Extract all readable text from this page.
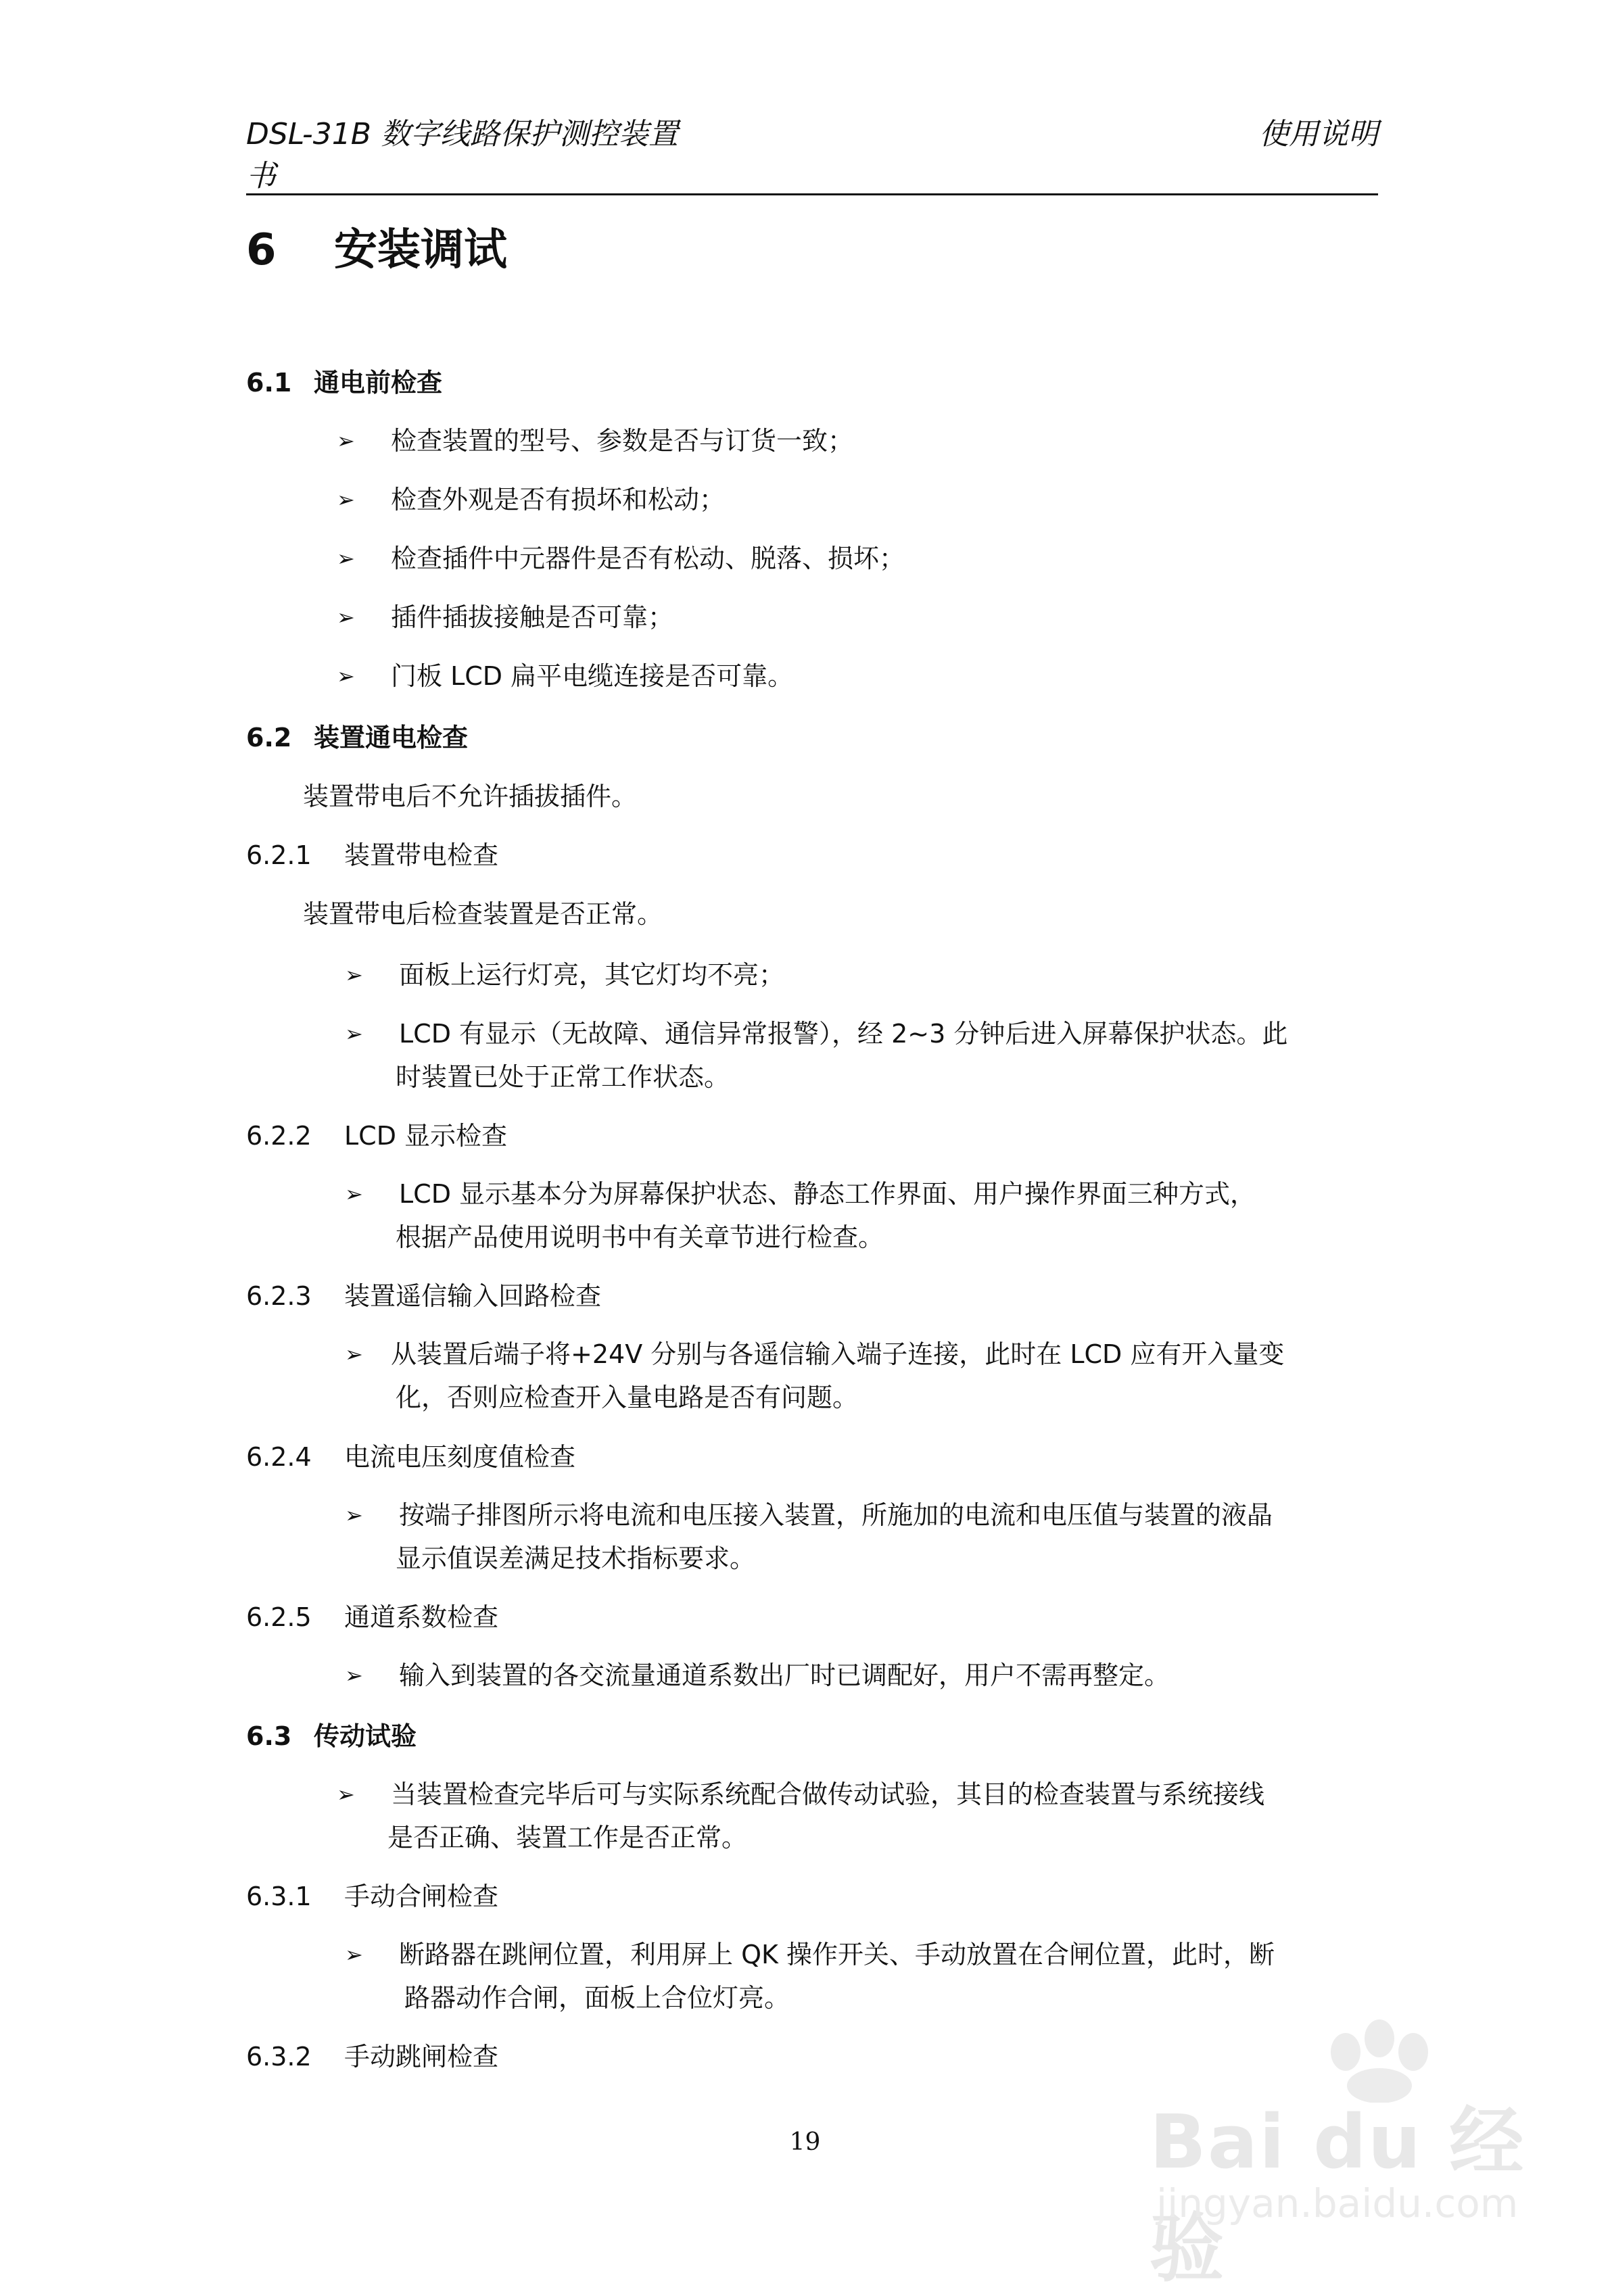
DSL-31B 数字线路保护测控装置
书
使用说明
6 安装调试
6.1 通电前检查
➢ 检查装置的型号、参数是否与订货一致；
➢ 检查外观是否有损坏和松动；
➢ 检查插件中元器件是否有松动、脱落、损坏；
➢ 插件插拔接触是否可靠；
➢ 门板 LCD 扁平电缆连接是否可靠。
6.2 装置通电检查
装置带电后不允许插拔插件。
6.2.1 装置带电检查
装置带电后检查装置是否正常。
➢ 面板上运行灯亮，其它灯均不亮；
➢ LCD 有显示（无故障、通信异常报警），经 2~3 分钟后进入屏幕保护状态。此
时装置已处于正常工作状态。
6.2.2 LCD 显示检查
➢ LCD 显示基本分为屏幕保护状态、静态工作界面、用户操作界面三种方式，
根据产品使用说明书中有关章节进行检查。
6.2.3 装置遥信输入回路检查
➢ 从装置后端子将+24V 分别与各遥信输入端子连接，此时在 LCD 应有开入量变
化，否则应检查开入量电路是否有问题。
6.2.4 电流电压刻度值检查
➢ 按端子排图所示将电流和电压接入装置，所施加的电流和电压值与装置的液晶
显示值误差满足技术指标要求。
6.2.5 通道系数检查
➢ 输入到装置的各交流量通道系数出厂时已调配好，用户不需再整定。
6.3 传动试验
➢ 当装置检查完毕后可与实际系统配合做传动试验，其目的检查装置与系统接线
是否正确、装置工作是否正常。
6.3.1 手动合闸检查
➢ 断路器在跳闸位置，利用屏上 QK 操作开关、手动放置在合闸位置，此时，断
路器动作合闸，面板上合位灯亮。
6.3.2 手动跳闸检查
19	Bai du 经验
jingyan.baidu.com
